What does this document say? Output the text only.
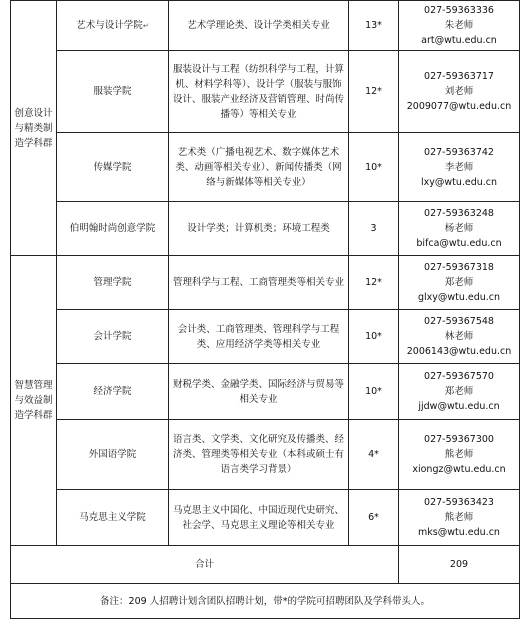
创意设计与精类制造学科群	艺术与设计学院↵	艺术学理论类、设计学类相关专业	13*	027-59363336
朱老师
art@wtu.edu.cn

	服装学院	服装设计与工程（纺织科学与工程，计算机、材料学科等）、设计学（服装与服饰设计、服装产业经济及营销管理、时尚传播等）等相关专业	12*	027-59363717
刘老师
2009077@wtu.edu.cn

	传媒学院	艺术类（广播电视艺术、数字媒体艺术类、动画等相关专业）、新闻传播类（网络与新媒体等相关专业）	10*	027-59363742
李老师
lxy@wtu.edu.cn

	伯明翰时尚创意学院	设计学类；计算机类；环境工程类	3	027-59363248
杨老师
bifca@wtu.edu.cn

智慧管理与效益制造学科群	管理学院	管理科学与工程、工商管理类等相关专业	12*	027-59367318
郑老师
glxy@wtu.edu.cn

	会计学院	会计类、工商管理类、管理科学与工程类、应用经济学类等相关专业	10*	027-59367548
林老师
2006143@wtu.edu.cn

	经济学院	财税学类、金融学类、国际经济与贸易等相关专业	10*	027-59367570
郑老师
jjdw@wtu.edu.cn

	外国语学院	语言类、文学类、文化研究及传播类、经济类、管理类等相关专业（本科或硕士有语言类学习背景）	4*	027-59367300
熊老师
xiongz@wtu.edu.cn

	马克思主义学院	马克思主义中国化、中国近现代史研究、社会学、马克思主义理论等相关专业	6*	027-59363423
熊老师
mks@wtu.edu.cn

合计				209
备注：209 人招聘计划含团队招聘计划，带*的学院可招聘团队及学科带头人。				
